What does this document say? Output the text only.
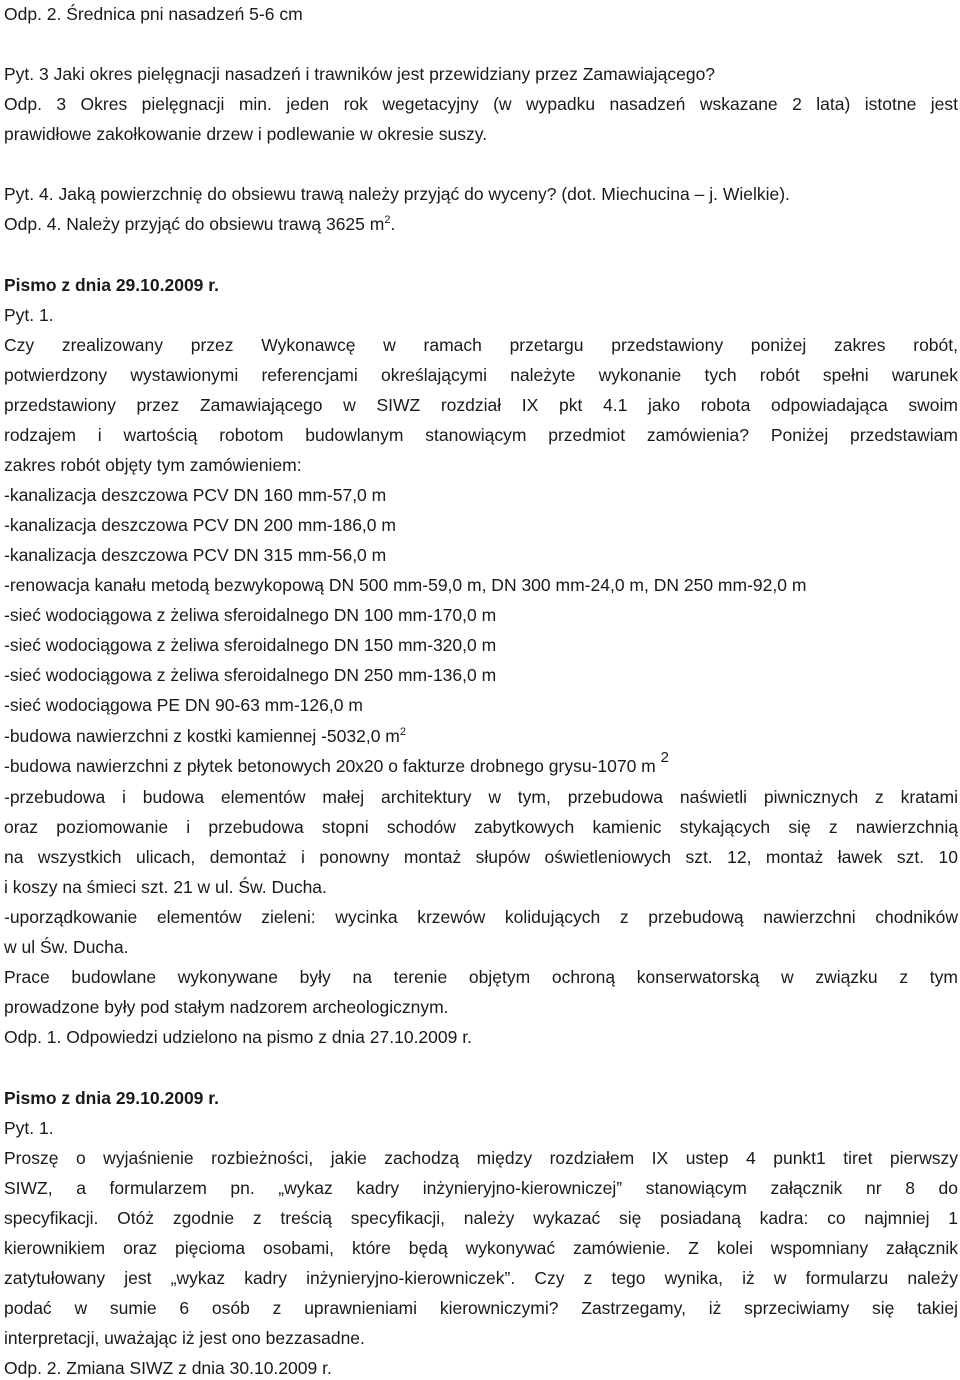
Odp. 2. Średnica pni nasadzeń 5-6 cm
Pyt. 3 Jaki okres pielęgnacji nasadzeń i trawników jest przewidziany przez Zamawiającego?
Odp. 3 Okres pielęgnacji min. jeden rok wegetacyjny (w wypadku nasadzeń wskazane 2 lata) istotne jest
prawidłowe zakołkowanie drzew i podlewanie w okresie suszy.
Pyt. 4. Jaką powierzchnię do obsiewu trawą należy przyjąć do wyceny? (dot. Miechucina – j. Wielkie).
Odp. 4. Należy przyjąć do obsiewu trawą 3625 $m^2$.
Pismo z dnia 29.10.2009 r.
Pyt. 1.
Czy zrealizowany przez Wykonawcę w ramach przetargu przedstawiony poniżej zakres robót,
potwierdzony wystawionymi referencjami określającymi należyte wykonanie tych robót spełni warunek
przedstawiony przez Zamawiającego w SIWZ rozdział IX pkt 4.1 jako robota odpowiadająca swoim
rodzajem i wartością robotom budowlanym stanowiącym przedmiot zamówienia? Poniżej przedstawiam
zakres robót objęty tym zamówieniem:
-kanalizacja deszczowa PCV DN 160 mm-57,0 m
-kanalizacja deszczowa PCV DN 200 mm-186,0 m
-kanalizacja deszczowa PCV DN 315 mm-56,0 m
-renowacja kanału metodą bezwykopową DN 500 mm-59,0 m, DN 300 mm-24,0 m, DN 250 mm-92,0 m
-sieć wodociągowa z żeliwa sferoidalnego DN 100 mm-170,0 m
-sieć wodociągowa z żeliwa sferoidalnego DN 150 mm-320,0 m
-sieć wodociągowa z żeliwa sferoidalnego DN 250 mm-136,0 m
-sieć wodociągowa PE DN 90-63 mm-126,0 m
-budowa nawierzchni z kostki kamiennej -5032,0 $m^2$
-budowa nawierzchni z płytek betonowych 20x20 o fakturze drobnego grysu-1070 m 2
-przebudowa i budowa elementów małej architektury w tym, przebudowa naświetli piwnicznych z kratami
oraz poziomowanie i przebudowa stopni schodów zabytkowych kamienic stykających się z nawierzchnią
na wszystkich ulicach, demontaż i ponowny montaż słupów oświetleniowych szt. 12, montaż ławek szt. 10
i koszy na śmieci szt. 21 w ul. Św. Ducha.
-uporządkowanie elementów zieleni: wycinka krzewów kolidujących z przebudową nawierzchni chodników
w ul Św. Ducha.
Prace budowlane wykonywane były na terenie objętym ochroną konserwatorską w związku z tym
prowadzone były pod stałym nadzorem archeologicznym.
Odp. 1. Odpowiedzi udzielono na pismo z dnia 27.10.2009 r.
Pismo z dnia 29.10.2009 r.
Pyt. 1.
Proszę o wyjaśnienie rozbieżności, jakie zachodzą między rozdziałem IX ustep 4 punkt1 tiret pierwszy
SIWZ, a formularzem pn. „wykaz kadry inżynieryjno-kierowniczej” stanowiącym załącznik nr 8 do
specyfikacji. Otóż zgodnie z treścią specyfikacji, należy wykazać się posiadaną kadra: co najmniej 1
kierownikiem oraz pięcioma osobami, które będą wykonywać zamówienie. Z kolei wspomniany załącznik
zatytułowany jest „wykaz kadry inżynieryjno-kierowniczek”. Czy z tego wynika, iż w formularzu należy
podać w sumie 6 osób z uprawnieniami kierowniczymi? Zastrzegamy, iż sprzeciwiamy się takiej
interpretacji, uważając iż jest ono bezzasadne.
Odp. 2. Zmiana SIWZ z dnia 30.10.2009 r.
